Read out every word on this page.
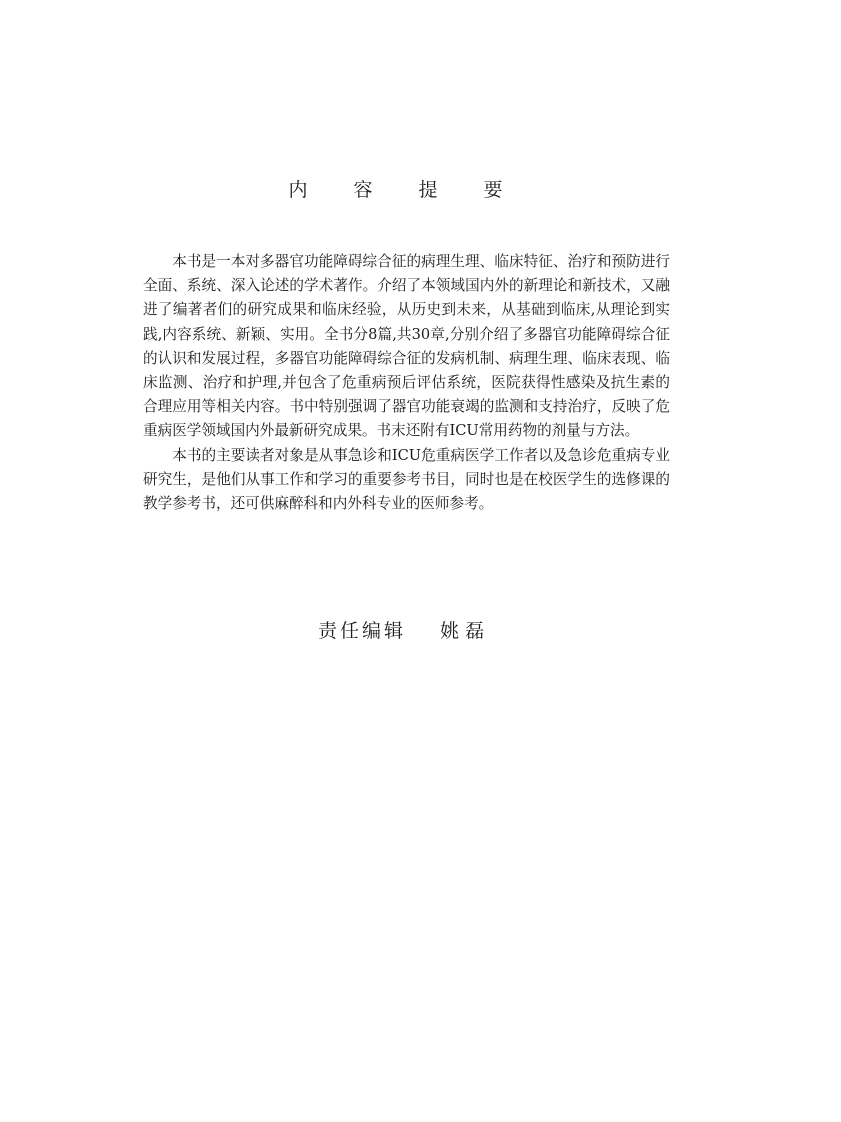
内 容 提 要

本书是一本对多器官功能障碍综合征的病理生理、临床特征、治疗和预防进行全面、系统、深入论述的学术著作。介绍了本领域国内外的新理论和新技术，又融进了编著者们的研究成果和临床经验，从历史到未来，从基础到临床,从理论到实践,内容系统、新颖、实用。全书分8篇,共30章,分别介绍了多器官功能障碍综合征的认识和发展过程，多器官功能障碍综合征的发病机制、病理生理、临床表现、临床监测、治疗和护理,并包含了危重病预后评估系统，医院获得性感染及抗生素的合理应用等相关内容。书中特别强调了器官功能衰竭的监测和支持治疗，反映了危重病医学领域国内外最新研究成果。书末还附有ICU常用药物的剂量与方法。

本书的主要读者对象是从事急诊和ICU危重病医学工作者以及急诊危重病专业研究生，是他们从事工作和学习的重要参考书目，同时也是在校医学生的选修课的教学参考书，还可供麻醉科和内外科专业的医师参考。

责任编辑 姚磊
